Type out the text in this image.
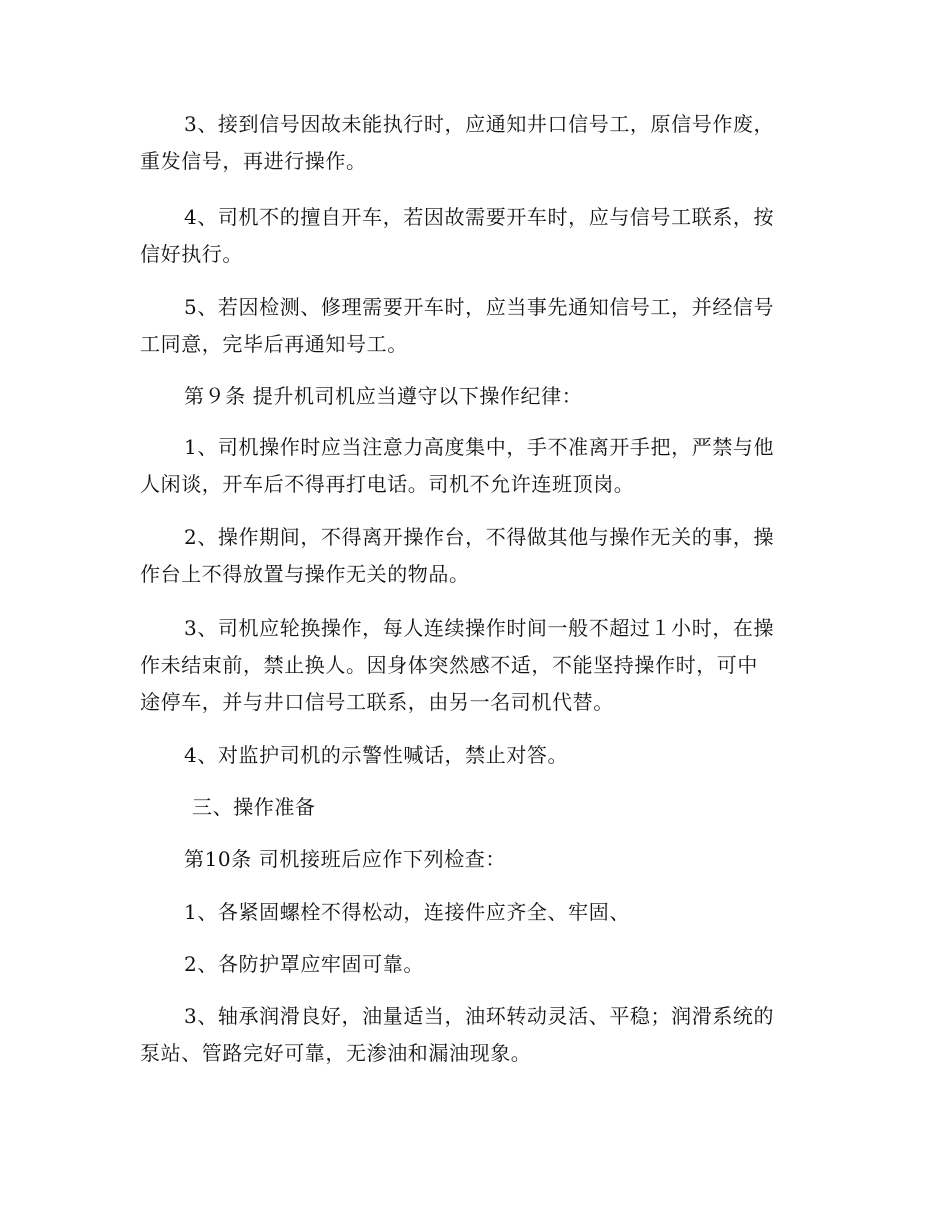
3、接到信号因故未能执行时，应通知井口信号工，原信号作废，
重发信号，再进行操作。

4、司机不的擅自开车，若因故需要开车时，应与信号工联系，按
信好执行。

5、若因检测、修理需要开车时，应当事先通知信号工，并经信号
工同意，完毕后再通知号工。

第９条 提升机司机应当遵守以下操作纪律：

1、司机操作时应当注意力高度集中，手不准离开手把，严禁与他
人闲谈，开车后不得再打电话。司机不允许连班顶岗。

2、操作期间，不得离开操作台，不得做其他与操作无关的事，操
作台上不得放置与操作无关的物品。

3、司机应轮换操作，每人连续操作时间一般不超过１小时，在操
作未结束前，禁止换人。因身体突然感不适，不能坚持操作时，可中
途停车，并与井口信号工联系，由另一名司机代替。

4、对监护司机的示警性喊话，禁止对答。

三、操作准备

第10条 司机接班后应作下列检查：

1、各紧固螺栓不得松动，连接件应齐全、牢固、

2、各防护罩应牢固可靠。

3、轴承润滑良好，油量适当，油环转动灵活、平稳；润滑系统的
泵站、管路完好可靠，无渗油和漏油现象。
